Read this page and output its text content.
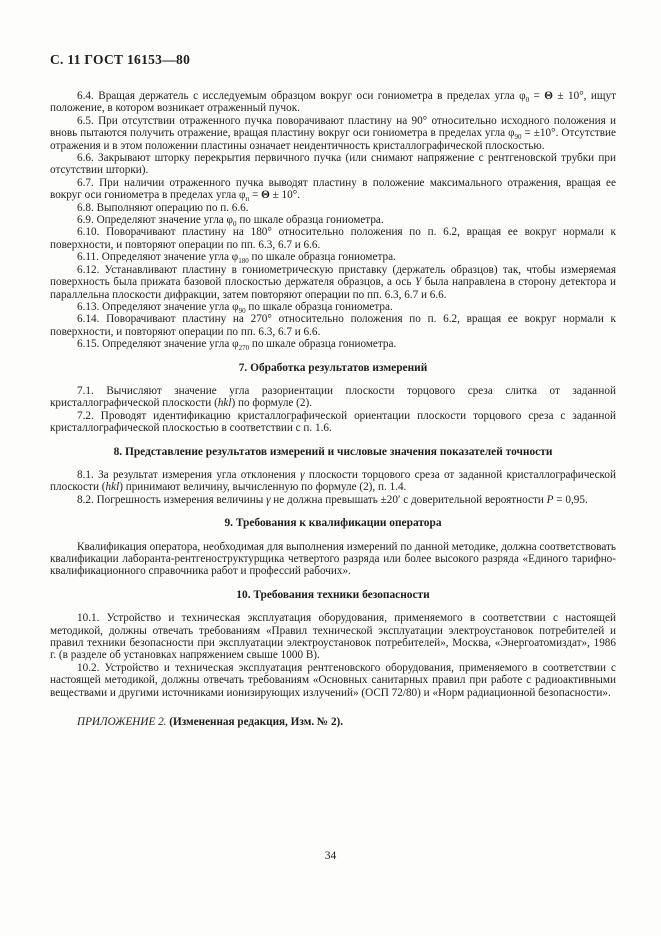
С. 11 ГОСТ 16153—80

6.4. Вращая держатель с исследуемым образцом вокруг оси гониометра в пределах угла $\varphi_0 = \Theta \pm 10^\circ$, ищут положение, в котором возникает отраженный пучок.

6.5. При отсутствии отраженного пучка поворачивают пластину на 90° относительно исходного положения и вновь пытаются получить отражение, вращая пластину вокруг оси гониометра в пределах угла $\varphi_{90} = \pm 10^\circ$. Отсутствие отражения и в этом положении пластины означает неидентичность кристаллографической плоскостью.

6.6. Закрывают шторку перекрытия первичного пучка (или снимают напряжение с рентгеновской трубки при отсутствии шторки).

6.7. При наличии отраженного пучка выводят пластину в положение максимального отражения, вращая ее вокруг оси гониометра в пределах угла $\varphi_п = \Theta \pm 10^\circ$.

6.8. Выполняют операцию по п. 6.6.

6.9. Определяют значение угла $\varphi_0$ по шкале образца гониометра.

6.10. Поворачивают пластину на 180° относительно положения по п. 6.2, вращая ее вокруг нормали к поверхности, и повторяют операции по пп. 6.3, 6.7 и 6.6.

6.11. Определяют значение угла $\varphi_{180}$ по шкале образца гониометра.

6.12. Устанавливают пластину в гониометрическую приставку (держатель образцов) так, чтобы измеряемая поверхность была прижата базовой плоскостью держателя образцов, а ось Y была направлена в сторону детектора и параллельна плоскости дифракции, затем повторяют операции по пп. 6.3, 6.7 и 6.6.

6.13. Определяют значение угла $\varphi_{90}$ по шкале образца гониометра.

6.14. Поворачивают пластину на 270° относительно положения по п. 6.2, вращая ее вокруг нормали к поверхности, и повторяют операции по пп. 6.3, 6.7 и 6.6.

6.15. Определяют значение угла $\varphi_{270}$ по шкале образца гониометра.

7. Обработка результатов измерений

7.1. Вычисляют значение угла разориентации плоскости торцового среза слитка от заданной кристаллографической плоскости (hkl) по формуле (2).

7.2. Проводят идентификацию кристаллографической ориентации плоскости торцового среза с заданной кристаллографической плоскостью в соответствии с п. 1.6.

8. Представление результатов измерений и числовые значения показателей точности

8.1. За результат измерения угла отклонения γ плоскости торцового среза от заданной кристаллографической плоскости (hkl) принимают величину, вычисленную по формуле (2), п. 1.4.

8.2. Погрешность измерения величины γ не должна превышать ±20′ с доверительной вероятности P = 0,95.

9. Требования к квалификации оператора

Квалификация оператора, необходимая для выполнения измерений по данной методике, должна соответствовать квалификации лаборанта-рентгеноструктурщика четвертого разряда или более высокого разряда «Единого тарифно-квалификационного справочника работ и профессий рабочих».

10. Требования техники безопасности

10.1. Устройство и техническая эксплуатация оборудования, применяемого в соответствии с настоящей методикой, должны отвечать требованиям «Правил технической эксплуатации электроустановок потребителей и правил техники безопасности при эксплуатации электроустановок потребителей», Москва, «Энергоатомиздат», 1986 г. (в разделе об установках напряжением свыше 1000 В).

10.2. Устройство и техническая эксплуатация рентгеновского оборудования, применяемого в соответствии с настоящей методикой, должны отвечать требованиям «Основных санитарных правил при работе с радиоактивными веществами и другими источниками ионизирующих излучений» (ОСП 72/80) и «Норм радиационной безопасности».

ПРИЛОЖЕНИЕ 2. (Измененная редакция, Изм. № 2).

34
